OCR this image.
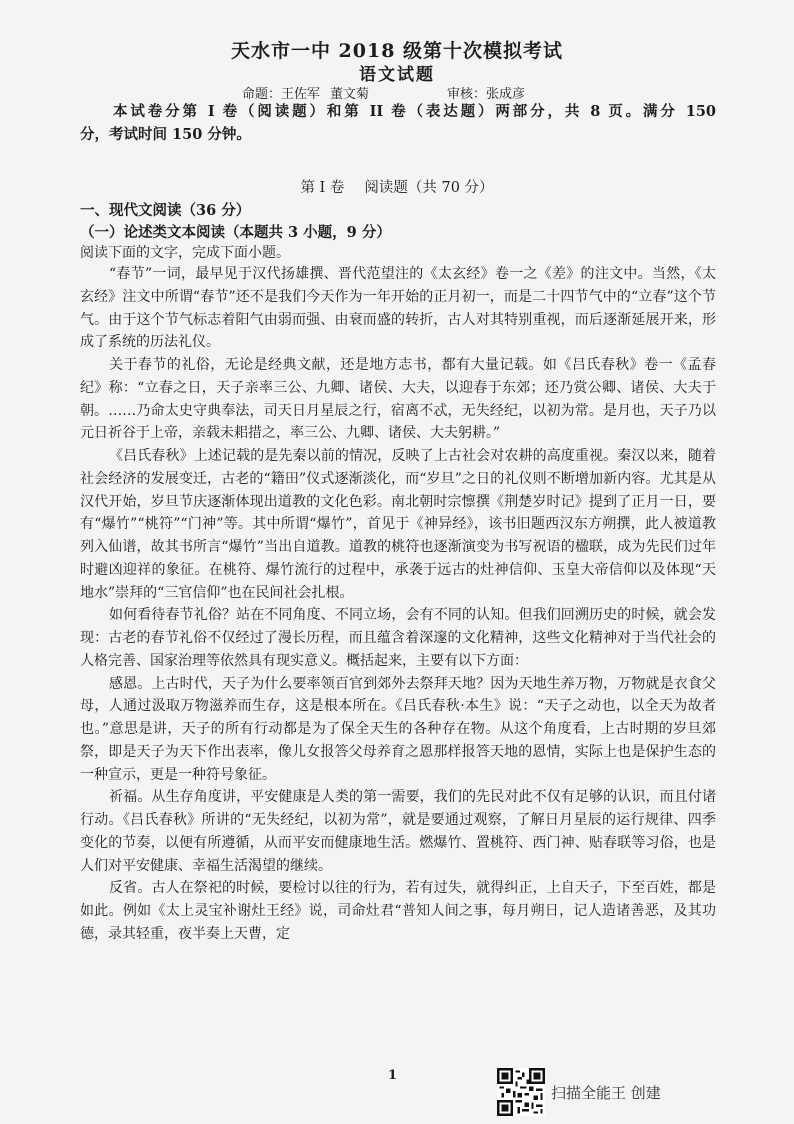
天水市一中 2018 级第十次模拟考试
语文试题
命题：王佐军 董文菊	审核：张成彦
本试卷分第 I 卷（阅读题）和第 II 卷（表达题）两部分，共 8 页。满分 150
分，考试时间 150 分钟。
第 I 卷 阅读题（共 70 分）
一、现代文阅读（36 分）
（一）论述类文本阅读（本题共 3 小题，9 分）
阅读下面的文字，完成下面小题。

“春节”一词，最早见于汉代扬雄撰、晋代范望注的《太玄经》卷一之《差》的注文中。当然，《太玄经》注文中所谓“春节”还不是我们今天作为一年开始的正月初一，而是二十四节气中的“立春”这个节气。由于这个节气标志着阳气由弱而强、由衰而盛的转折，古人对其特别重视，而后逐渐延展开来，形成了系统的历法礼仪。

关于春节的礼俗，无论是经典文献，还是地方志书，都有大量记载。如《吕氏春秋》卷一《孟春纪》称：“立春之日，天子亲率三公、九卿、诸侯、大夫，以迎春于东郊；还乃赏公卿、诸侯、大夫于朝。……乃命太史守典奉法，司天日月星辰之行，宿离不忒，无失经纪，以初为常。是月也，天子乃以元日祈谷于上帝，亲载未耜措之，率三公、九卿、诸侯、大夫躬耕。”

《吕氏春秋》上述记载的是先秦以前的情况，反映了上古社会对农耕的高度重视。秦汉以来，随着社会经济的发展变迁，古老的“籍田”仪式逐渐淡化，而“岁旦”之日的礼仪则不断增加新内容。尤其是从汉代开始，岁旦节庆逐渐体现出道教的文化色彩。南北朝时宗懔撰《荆楚岁时记》提到了正月一日，要有“爆竹”“桃符”“门神”等。其中所谓“爆竹”，首见于《神异经》，该书旧题西汉东方朔撰，此人被道教列入仙谱，故其书所言“爆竹”当出自道教。道教的桃符也逐渐演变为书写祝语的楹联，成为先民们过年时避凶迎祥的象征。在桃符、爆竹流行的过程中，承袭于远古的灶神信仰、玉皇大帝信仰以及体现“天地水”崇拜的“三官信仰”也在民间社会扎根。

如何看待春节礼俗？站在不同角度、不同立场，会有不同的认知。但我们回溯历史的时候，就会发现：古老的春节礼俗不仅经过了漫长历程，而且蕴含着深邃的文化精神，这些文化精神对于当代社会的人格完善、国家治理等依然具有现实意义。概括起来，主要有以下方面：

感恩。上古时代，天子为什么要率领百官到郊外去祭拜天地？因为天地生养万物，万物就是衣食父母，人通过汲取万物滋养而生存，这是根本所在。《吕氏春秋·本生》说：“天子之动也，以全天为故者也。”意思是讲，天子的所有行动都是为了保全天生的各种存在物。从这个角度看，上古时期的岁旦郊祭，即是天子为天下作出表率，像儿女报答父母养育之恩那样报答天地的恩情，实际上也是保护生态的一种宣示，更是一种符号象征。

祈福。从生存角度讲，平安健康是人类的第一需要，我们的先民对此不仅有足够的认识，而且付诸行动。《吕氏春秋》所讲的“无失经纪，以初为常”，就是要通过观察，了解日月星辰的运行规律、四季变化的节奏，以便有所遵循，从而平安而健康地生活。燃爆竹、置桃符、西门神、贴春联等习俗，也是人们对平安健康、幸福生活渴望的继续。

反省。古人在祭祀的时候，要检讨以往的行为，若有过失，就得纠正，上自天子，下至百姓，都是如此。例如《太上灵宝补谢灶王经》说，司命灶君“普知人间之事，每月朔日，记人造诸善恶，及其功德，录其轻重，夜半奏上天曹，定

1
扫描全能王 创建
